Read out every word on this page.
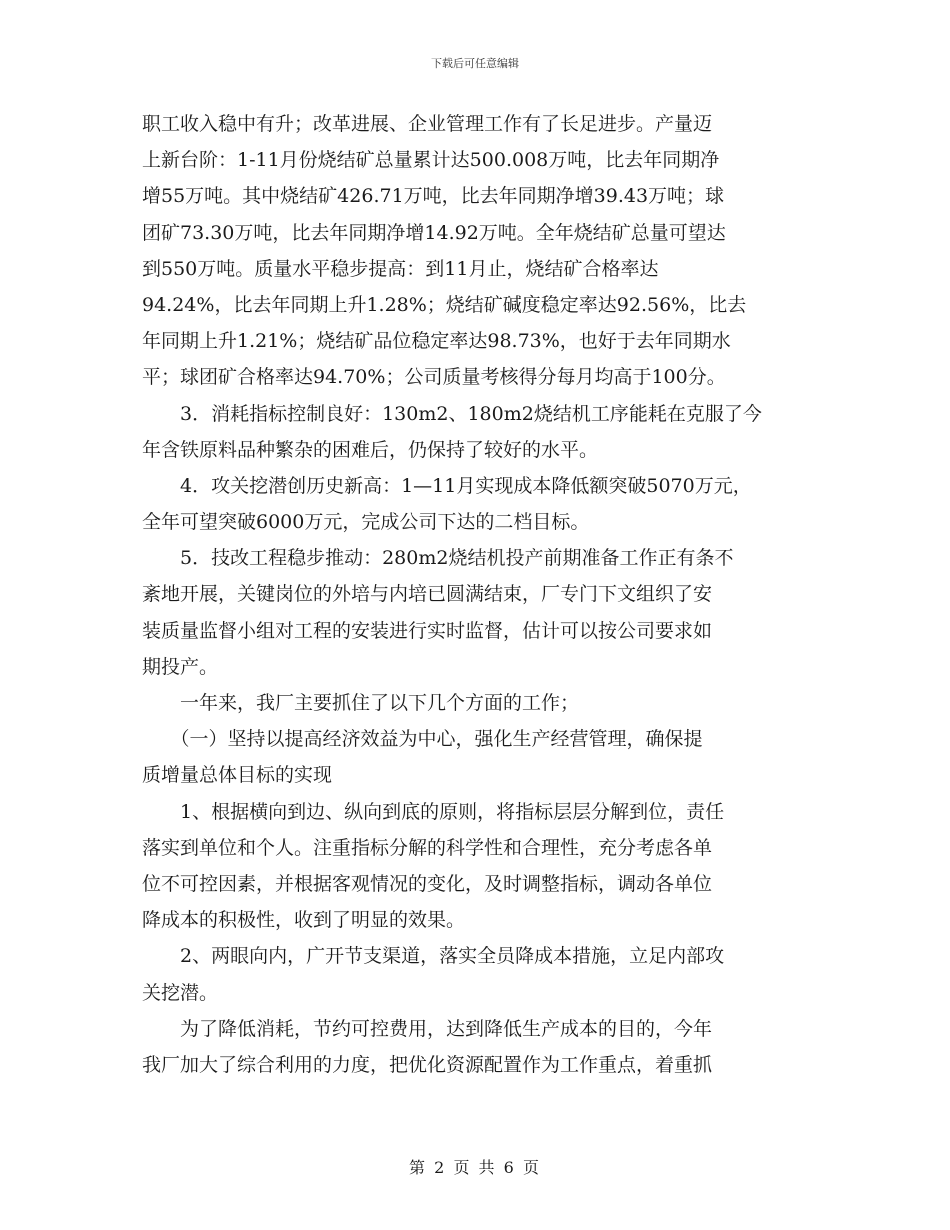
下载后可任意编辑
职工收入稳中有升；改革进展、企业管理工作有了长足进步。产量迈
上新台阶：1-11月份烧结矿总量累计达500.008万吨，比去年同期净
增55万吨。其中烧结矿426.71万吨，比去年同期净增39.43万吨；球
团矿73.30万吨，比去年同期净增14.92万吨。全年烧结矿总量可望达
到550万吨。质量水平稳步提高：到11月止，烧结矿合格率达
94.24%，比去年同期上升1.28%；烧结矿碱度稳定率达92.56%，比去
年同期上升1.21%；烧结矿品位稳定率达98.73%，也好于去年同期水
平；球团矿合格率达94.70%；公司质量考核得分每月均高于100分。
3．消耗指标控制良好：130m2、180m2烧结机工序能耗在克服了今
年含铁原料品种繁杂的困难后，仍保持了较好的水平。
4．攻关挖潜创历史新高：1—11月实现成本降低额突破5070万元，
全年可望突破6000万元，完成公司下达的二档目标。
5．技改工程稳步推动：280m2烧结机投产前期准备工作正有条不
紊地开展，关键岗位的外培与内培已圆满结束，厂专门下文组织了安
装质量监督小组对工程的安装进行实时监督，估计可以按公司要求如
期投产。
一年来，我厂主要抓住了以下几个方面的工作；
（一）坚持以提高经济效益为中心，强化生产经营管理，确保提
质增量总体目标的实现
1、根据横向到边、纵向到底的原则，将指标层层分解到位，责任
落实到单位和个人。注重指标分解的科学性和合理性，充分考虑各单
位不可控因素，并根据客观情况的变化，及时调整指标，调动各单位
降成本的积极性，收到了明显的效果。
2、两眼向内，广开节支渠道，落实全员降成本措施，立足内部攻
关挖潜。
为了降低消耗，节约可控费用，达到降低生产成本的目的，今年
我厂加大了综合利用的力度，把优化资源配置作为工作重点，着重抓
第 2 页 共 6 页
